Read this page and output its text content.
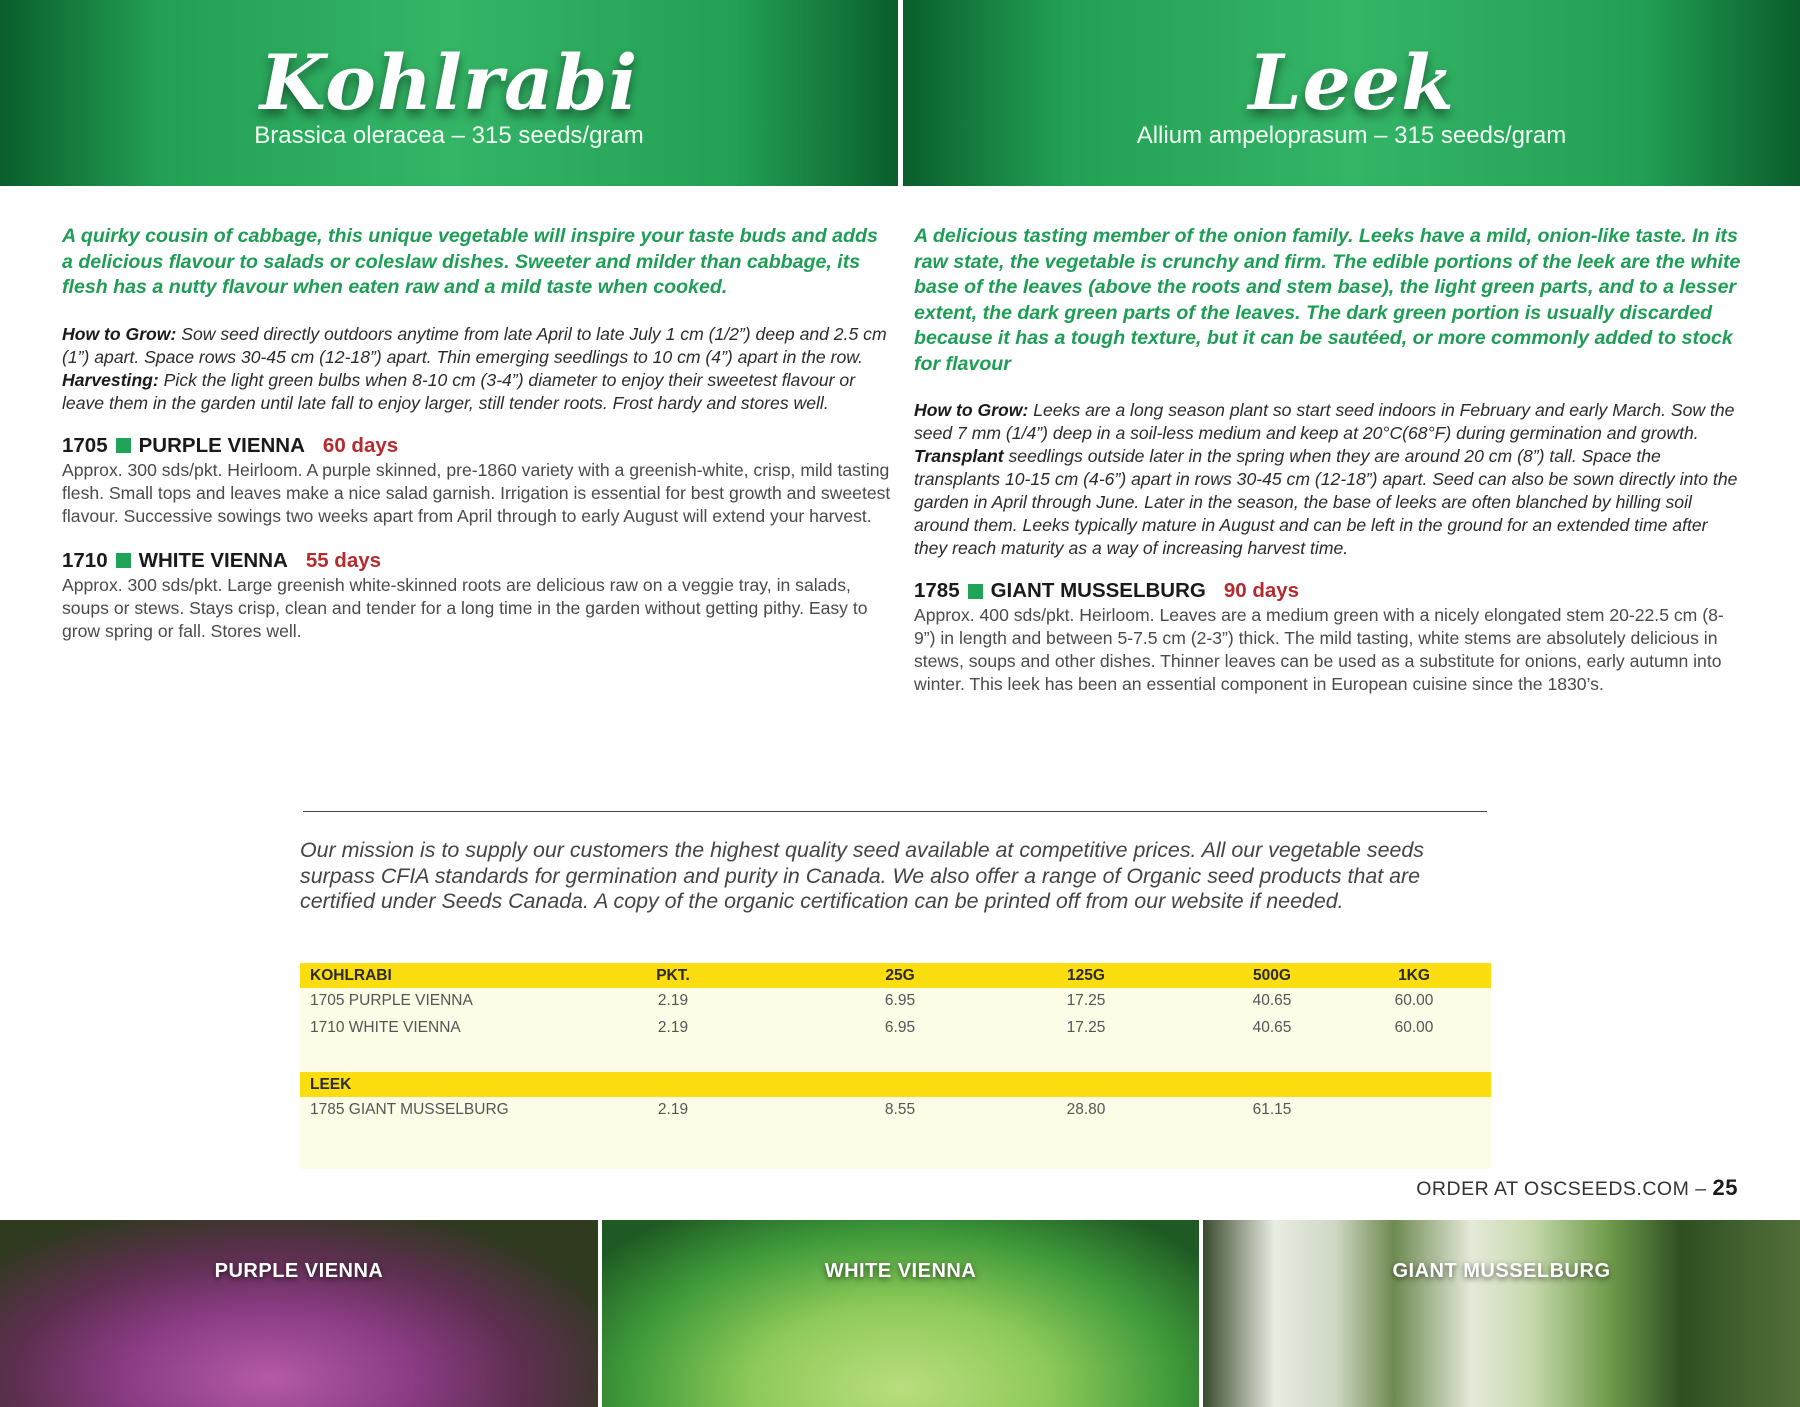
Kohlrabi
Brassica oleracea – 315 seeds/gram
Leek
Allium ampeloprasum – 315 seeds/gram

A quirky cousin of cabbage, this unique vegetable will inspire your taste buds and adds a delicious flavour to salads or coleslaw dishes. Sweeter and milder than cabbage, its flesh has a nutty flavour when eaten raw and a mild taste when cooked.

How to Grow: Sow seed directly outdoors anytime from late April to late July 1 cm (1/2”) deep and 2.5 cm (1”) apart. Space rows 30-45 cm (12-18”) apart. Thin emerging seedlings to 10 cm (4”) apart in the row.
Harvesting: Pick the light green bulbs when 8-10 cm (3-4”) diameter to enjoy their sweetest flavour or leave them in the garden until late fall to enjoy larger, still tender roots. Frost hardy and stores well.

1705 PURPLE VIENNA 60 days

Approx. 300 sds/pkt. Heirloom. A purple skinned, pre-1860 variety with a greenish-white, crisp, mild tasting flesh. Small tops and leaves make a nice salad garnish. Irrigation is essential for best growth and sweetest flavour. Successive sowings two weeks apart from April through to early August will extend your harvest.

1710 WHITE VIENNA 55 days

Approx. 300 sds/pkt. Large greenish white-skinned roots are delicious raw on a veggie tray, in salads, soups or stews. Stays crisp, clean and tender for a long time in the garden without getting pithy. Easy to grow spring or fall. Stores well.

A delicious tasting member of the onion family. Leeks have a mild, onion-like taste. In its raw state, the vegetable is crunchy and firm. The edible portions of the leek are the white base of the leaves (above the roots and stem base), the light green parts, and to a lesser extent, the dark green parts of the leaves. The dark green portion is usually discarded because it has a tough texture, but it can be sautéed, or more commonly added to stock for flavour

How to Grow: Leeks are a long season plant so start seed indoors in February and early March. Sow the seed 7 mm (1/4”) deep in a soil-less medium and keep at 20°C(68°F) during germination and growth.
Transplant seedlings outside later in the spring when they are around 20 cm (8”) tall. Space the transplants 10-15 cm (4-6”) apart in rows 30-45 cm (12-18”) apart. Seed can also be sown directly into the garden in April through June. Later in the season, the base of leeks are often blanched by hilling soil around them. Leeks typically mature in August and can be left in the ground for an extended time after they reach maturity as a way of increasing harvest time.

1785 GIANT MUSSELBURG 90 days

Approx. 400 sds/pkt. Heirloom. Leaves are a medium green with a nicely elongated stem 20-22.5 cm (8-9”) in length and between 5-7.5 cm (2-3”) thick. The mild tasting, white stems are absolutely delicious in stews, soups and other dishes. Thinner leaves can be used as a substitute for onions, early autumn into winter. This leek has been an essential component in European cuisine since the 1830’s.

Our mission is to supply our customers the highest quality seed available at competitive prices. All our vegetable seeds surpass CFIA standards for germination and purity in Canada. We also offer a range of Organic seed products that are certified under Seeds Canada. A copy of the organic certification can be printed off from our website if needed.
KOHLRABI	PKT.	25G	125G	500G	1KG
1705 PURPLE VIENNA	2.19	6.95	17.25	40.65	60.00
1710 WHITE VIENNA	2.19	6.95	17.25	40.65	60.00
LEEK
1785 GIANT MUSSELBURG	2.19	8.55	28.80	61.15
ORDER AT OSCSEEDS.COM – 25
PURPLE VIENNA	WHITE VIENNA	GIANT MUSSELBURG
